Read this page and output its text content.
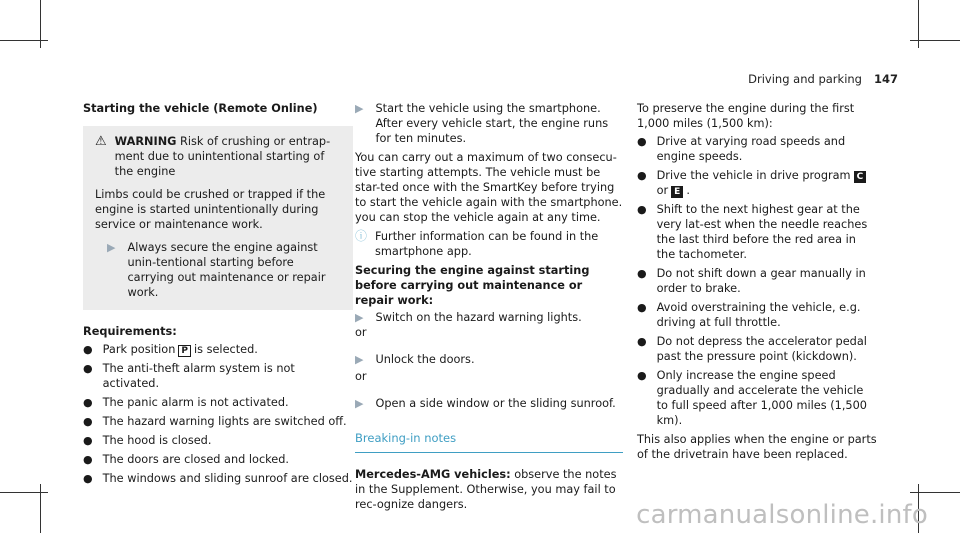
Driving and parking 147

Starting the vehicle (Remote Online)

⚠ WARNING Risk of crushing or entrap-ment due to unintentional starting of the engine

Limbs could be crushed or trapped if the engine is started unintentionally during service or maintenance work.

▶ Always secure the engine against unin-tentional starting before carrying out maintenance or repair work.

Requirements:

● Park position P is selected.
● The anti-theft alarm system is not activated.
● The panic alarm is not activated.
● The hazard warning lights are switched off.
● The hood is closed.
● The doors are closed and locked.
● The windows and sliding sunroof are closed.
▶ Start the vehicle using the smartphone. After every vehicle start, the engine runs for ten minutes.

You can carry out a maximum of two consecu-tive starting attempts. The vehicle must be star-ted once with the SmartKey before trying to start the vehicle again with the smartphone. you can stop the vehicle again at any time.

ⓘ Further information can be found in the smartphone app.

Securing the engine against starting before carrying out maintenance or repair work:

▶ Switch on the hazard warning lights.

or

▶ Unlock the doors.

or

▶ Open a side window or the sliding sunroof.
Breaking-in notes

Mercedes-AMG vehicles: observe the notes in the Supplement. Otherwise, you may fail to rec-ognize dangers.

To preserve the engine during the first 1,000 miles (1,500 km):

● Drive at varying road speeds and engine speeds.
● Drive the vehicle in drive program C
or E .
● Shift to the next highest gear at the very lat-est when the needle reaches the last third before the red area in the tachometer.
● Do not shift down a gear manually in order to brake.
● Avoid overstraining the vehicle, e.g. driving at full throttle.
● Do not depress the accelerator pedal past the pressure point (kickdown).
● Only increase the engine speed gradually and accelerate the vehicle to full speed after 1,000 miles (1,500 km).

This also applies when the engine or parts of the drivetrain have been replaced.

carmanualsonline.info
